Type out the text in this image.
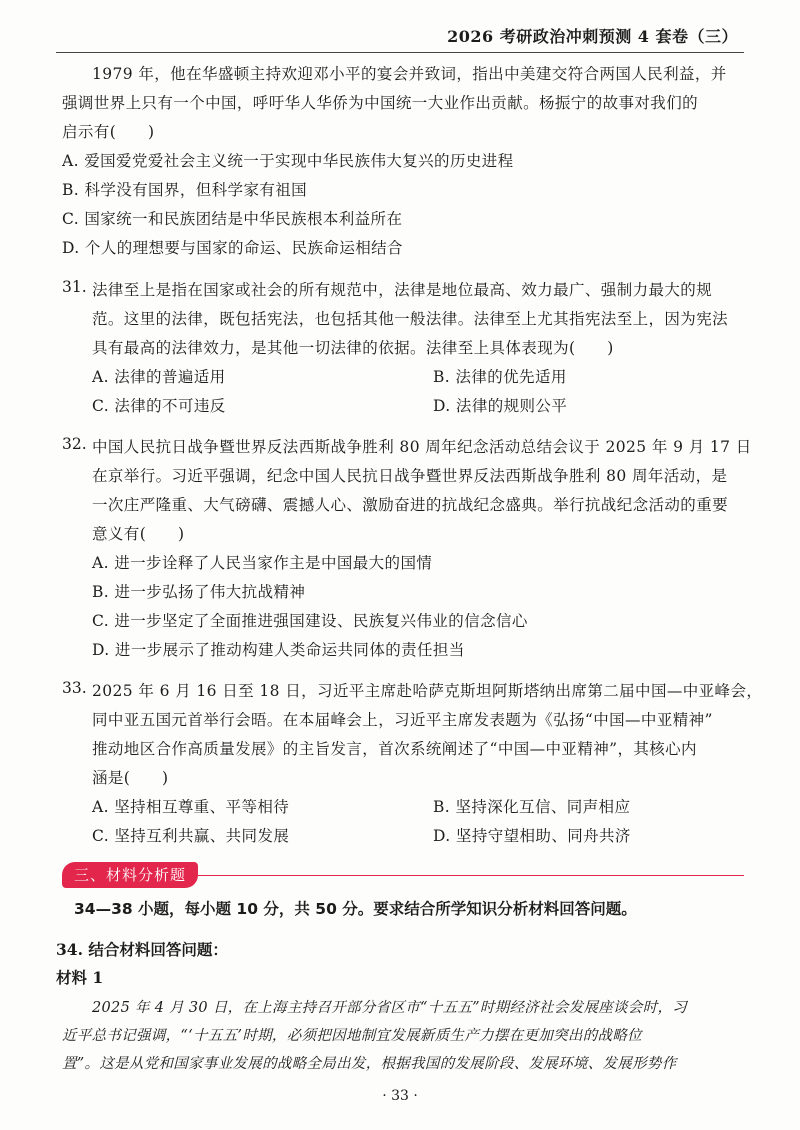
2026 考研政治冲刺预测 4 套卷（三）
1979 年，他在华盛顿主持欢迎邓小平的宴会并致词，指出中美建交符合两国人民利益，并
强调世界上只有一个中国，呼吁华人华侨为中国统一大业作出贡献。杨振宁的故事对我们的
启示有(　　)
A. 爱国爱党爱社会主义统一于实现中华民族伟大复兴的历史进程
B. 科学没有国界，但科学家有祖国
C. 国家统一和民族团结是中华民族根本利益所在
D. 个人的理想要与国家的命运、民族命运相结合
31. 法律至上是指在国家或社会的所有规范中，法律是地位最高、效力最广、强制力最大的规
范。这里的法律，既包括宪法，也包括其他一般法律。法律至上尤其指宪法至上，因为宪法
具有最高的法律效力，是其他一切法律的依据。法律至上具体表现为(　　)
A. 法律的普遍适用	B. 法律的优先适用
C. 法律的不可违反	D. 法律的规则公平
32. 中国人民抗日战争暨世界反法西斯战争胜利 80 周年纪念活动总结会议于 2025 年 9 月 17 日
在京举行。习近平强调，纪念中国人民抗日战争暨世界反法西斯战争胜利 80 周年活动，是
一次庄严隆重、大气磅礴、震撼人心、激励奋进的抗战纪念盛典。举行抗战纪念活动的重要
意义有(　　)
A. 进一步诠释了人民当家作主是中国最大的国情
B. 进一步弘扬了伟大抗战精神
C. 进一步坚定了全面推进强国建设、民族复兴伟业的信念信心
D. 进一步展示了推动构建人类命运共同体的责任担当
33. 2025 年 6 月 16 日至 18 日，习近平主席赴哈萨克斯坦阿斯塔纳出席第二届中国—中亚峰会，
同中亚五国元首举行会晤。在本届峰会上，习近平主席发表题为《弘扬“中国—中亚精神”
推动地区合作高质量发展》的主旨发言，首次系统阐述了“中国—中亚精神”，其核心内
涵是(　　)
A. 坚持相互尊重、平等相待	B. 坚持深化互信、同声相应
C. 坚持互利共赢、共同发展	D. 坚持守望相助、同舟共济
三、材料分析题
34—38 小题，每小题 10 分，共 50 分。要求结合所学知识分析材料回答问题。
34. 结合材料回答问题：
材料 1
2025 年 4 月 30 日，在上海主持召开部分省区市“十五五”时期经济社会发展座谈会时，习
近平总书记强调，“‘十五五’时期，必须把因地制宜发展新质生产力摆在更加突出的战略位
置”。这是从党和国家事业发展的战略全局出发，根据我国的发展阶段、发展环境、发展形势作
· 33 ·
